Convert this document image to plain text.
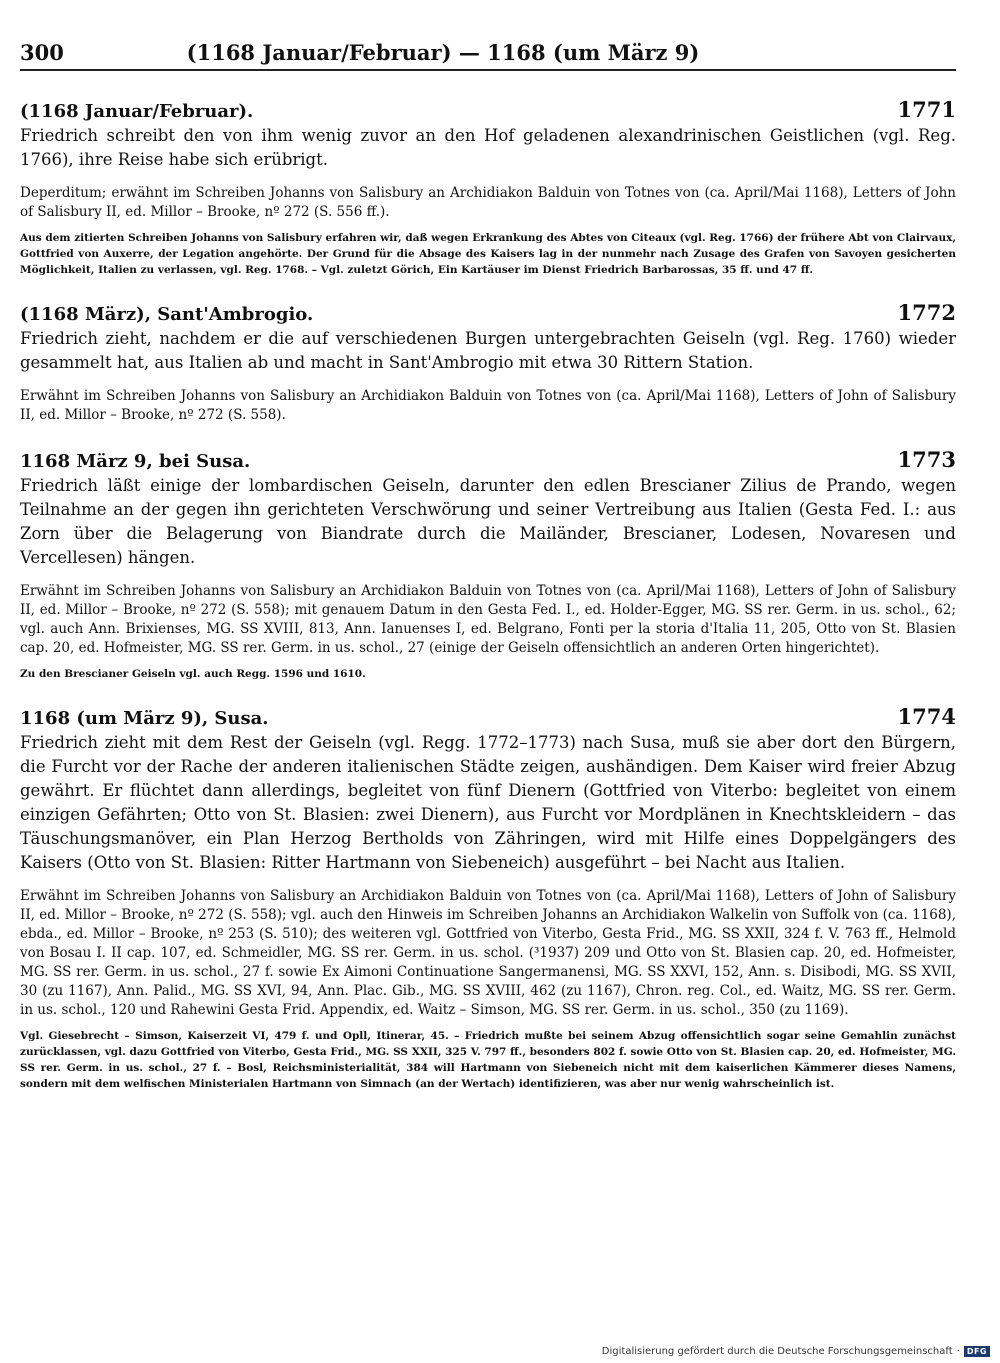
300	(1168 Januar/Februar) — 1168 (um März 9)
(1168 Januar/Februar).	1771

Friedrich schreibt den von ihm wenig zuvor an den Hof geladenen alexandrinischen Geistlichen (vgl. Reg. 1766), ihre Reise habe sich erübrigt.

Deperditum; erwähnt im Schreiben Johanns von Salisbury an Archidiakon Balduin von Totnes von (ca. April/Mai 1168), Letters of John of Salisbury II, ed. Millor – Brooke, nº 272 (S. 556 ff.).

Aus dem zitierten Schreiben Johanns von Salisbury erfahren wir, daß wegen Erkrankung des Abtes von Citeaux (vgl. Reg. 1766) der frühere Abt von Clairvaux, Gottfried von Auxerre, der Legation angehörte. Der Grund für die Absage des Kaisers lag in der nunmehr nach Zusage des Grafen von Savoyen gesicherten Möglichkeit, Italien zu verlassen, vgl. Reg. 1768. – Vgl. zuletzt Görich, Ein Kartäuser im Dienst Friedrich Barbarossas, 35 ff. und 47 ff.

(1168 März), Sant'Ambrogio.	1772

Friedrich zieht, nachdem er die auf verschiedenen Burgen untergebrachten Geiseln (vgl. Reg. 1760) wieder gesammelt hat, aus Italien ab und macht in Sant'Ambrogio mit etwa 30 Rittern Station.

Erwähnt im Schreiben Johanns von Salisbury an Archidiakon Balduin von Totnes von (ca. April/Mai 1168), Letters of John of Salisbury II, ed. Millor – Brooke, nº 272 (S. 558).

1168 März 9, bei Susa.	1773

Friedrich läßt einige der lombardischen Geiseln, darunter den edlen Brescianer Zilius de Prando, wegen Teilnahme an der gegen ihn gerichteten Verschwörung und seiner Vertreibung aus Italien (Gesta Fed. I.: aus Zorn über die Belagerung von Biandrate durch die Mailänder, Brescianer, Lodesen, Novaresen und Vercellesen) hängen.

Erwähnt im Schreiben Johanns von Salisbury an Archidiakon Balduin von Totnes von (ca. April/Mai 1168), Letters of John of Salisbury II, ed. Millor – Brooke, nº 272 (S. 558); mit genauem Datum in den Gesta Fed. I., ed. Holder-Egger, MG. SS rer. Germ. in us. schol., 62; vgl. auch Ann. Brixienses, MG. SS XVIII, 813, Ann. Ianuenses I, ed. Belgrano, Fonti per la storia d'Italia 11, 205, Otto von St. Blasien cap. 20, ed. Hofmeister, MG. SS rer. Germ. in us. schol., 27 (einige der Geiseln offensichtlich an anderen Orten hingerichtet).

Zu den Brescianer Geiseln vgl. auch Regg. 1596 und 1610.

1168 (um März 9), Susa.	1774

Friedrich zieht mit dem Rest der Geiseln (vgl. Regg. 1772–1773) nach Susa, muß sie aber dort den Bürgern, die Furcht vor der Rache der anderen italienischen Städte zeigen, aushändigen. Dem Kaiser wird freier Abzug gewährt. Er flüchtet dann allerdings, begleitet von fünf Dienern (Gottfried von Viterbo: begleitet von einem einzigen Gefährten; Otto von St. Blasien: zwei Dienern), aus Furcht vor Mordplänen in Knechtskleidern – das Täuschungsmanöver, ein Plan Herzog Bertholds von Zähringen, wird mit Hilfe eines Doppelgängers des Kaisers (Otto von St. Blasien: Ritter Hartmann von Siebeneich) ausgeführt – bei Nacht aus Italien.

Erwähnt im Schreiben Johanns von Salisbury an Archidiakon Balduin von Totnes von (ca. April/Mai 1168), Letters of John of Salisbury II, ed. Millor – Brooke, nº 272 (S. 558); vgl. auch den Hinweis im Schreiben Johanns an Archidiakon Walkelin von Suffolk von (ca. 1168), ebda., ed. Millor – Brooke, nº 253 (S. 510); des weiteren vgl. Gottfried von Viterbo, Gesta Frid., MG. SS XXII, 324 f. V. 763 ff., Helmold von Bosau I. II cap. 107, ed. Schmeidler, MG. SS rer. Germ. in us. schol. (³1937) 209 und Otto von St. Blasien cap. 20, ed. Hofmeister, MG. SS rer. Germ. in us. schol., 27 f. sowie Ex Aimoni Continuatione Sangermanensi, MG. SS XXVI, 152, Ann. s. Disibodi, MG. SS XVII, 30 (zu 1167), Ann. Palid., MG. SS XVI, 94, Ann. Plac. Gib., MG. SS XVIII, 462 (zu 1167), Chron. reg. Col., ed. Waitz, MG. SS rer. Germ. in us. schol., 120 und Rahewini Gesta Frid. Appendix, ed. Waitz – Simson, MG. SS rer. Germ. in us. schol., 350 (zu 1169).

Vgl. Giesebrecht – Simson, Kaiserzeit VI, 479 f. und Opll, Itinerar, 45. – Friedrich mußte bei seinem Abzug offensichtlich sogar seine Gemahlin zunächst zurücklassen, vgl. dazu Gottfried von Viterbo, Gesta Frid., MG. SS XXII, 325 V. 797 ff., besonders 802 f. sowie Otto von St. Blasien cap. 20, ed. Hofmeister, MG. SS rer. Germ. in us. schol., 27 f. – Bosl, Reichsministerialität, 384 will Hartmann von Siebeneich nicht mit dem kaiserlichen Kämmerer dieses Namens, sondern mit dem welfischen Ministerialen Hartmann von Simnach (an der Wertach) identifizieren, was aber nur wenig wahrscheinlich ist.

Digitalisierung gefördert durch die Deutsche Forschungsgemeinschaft · DFG
